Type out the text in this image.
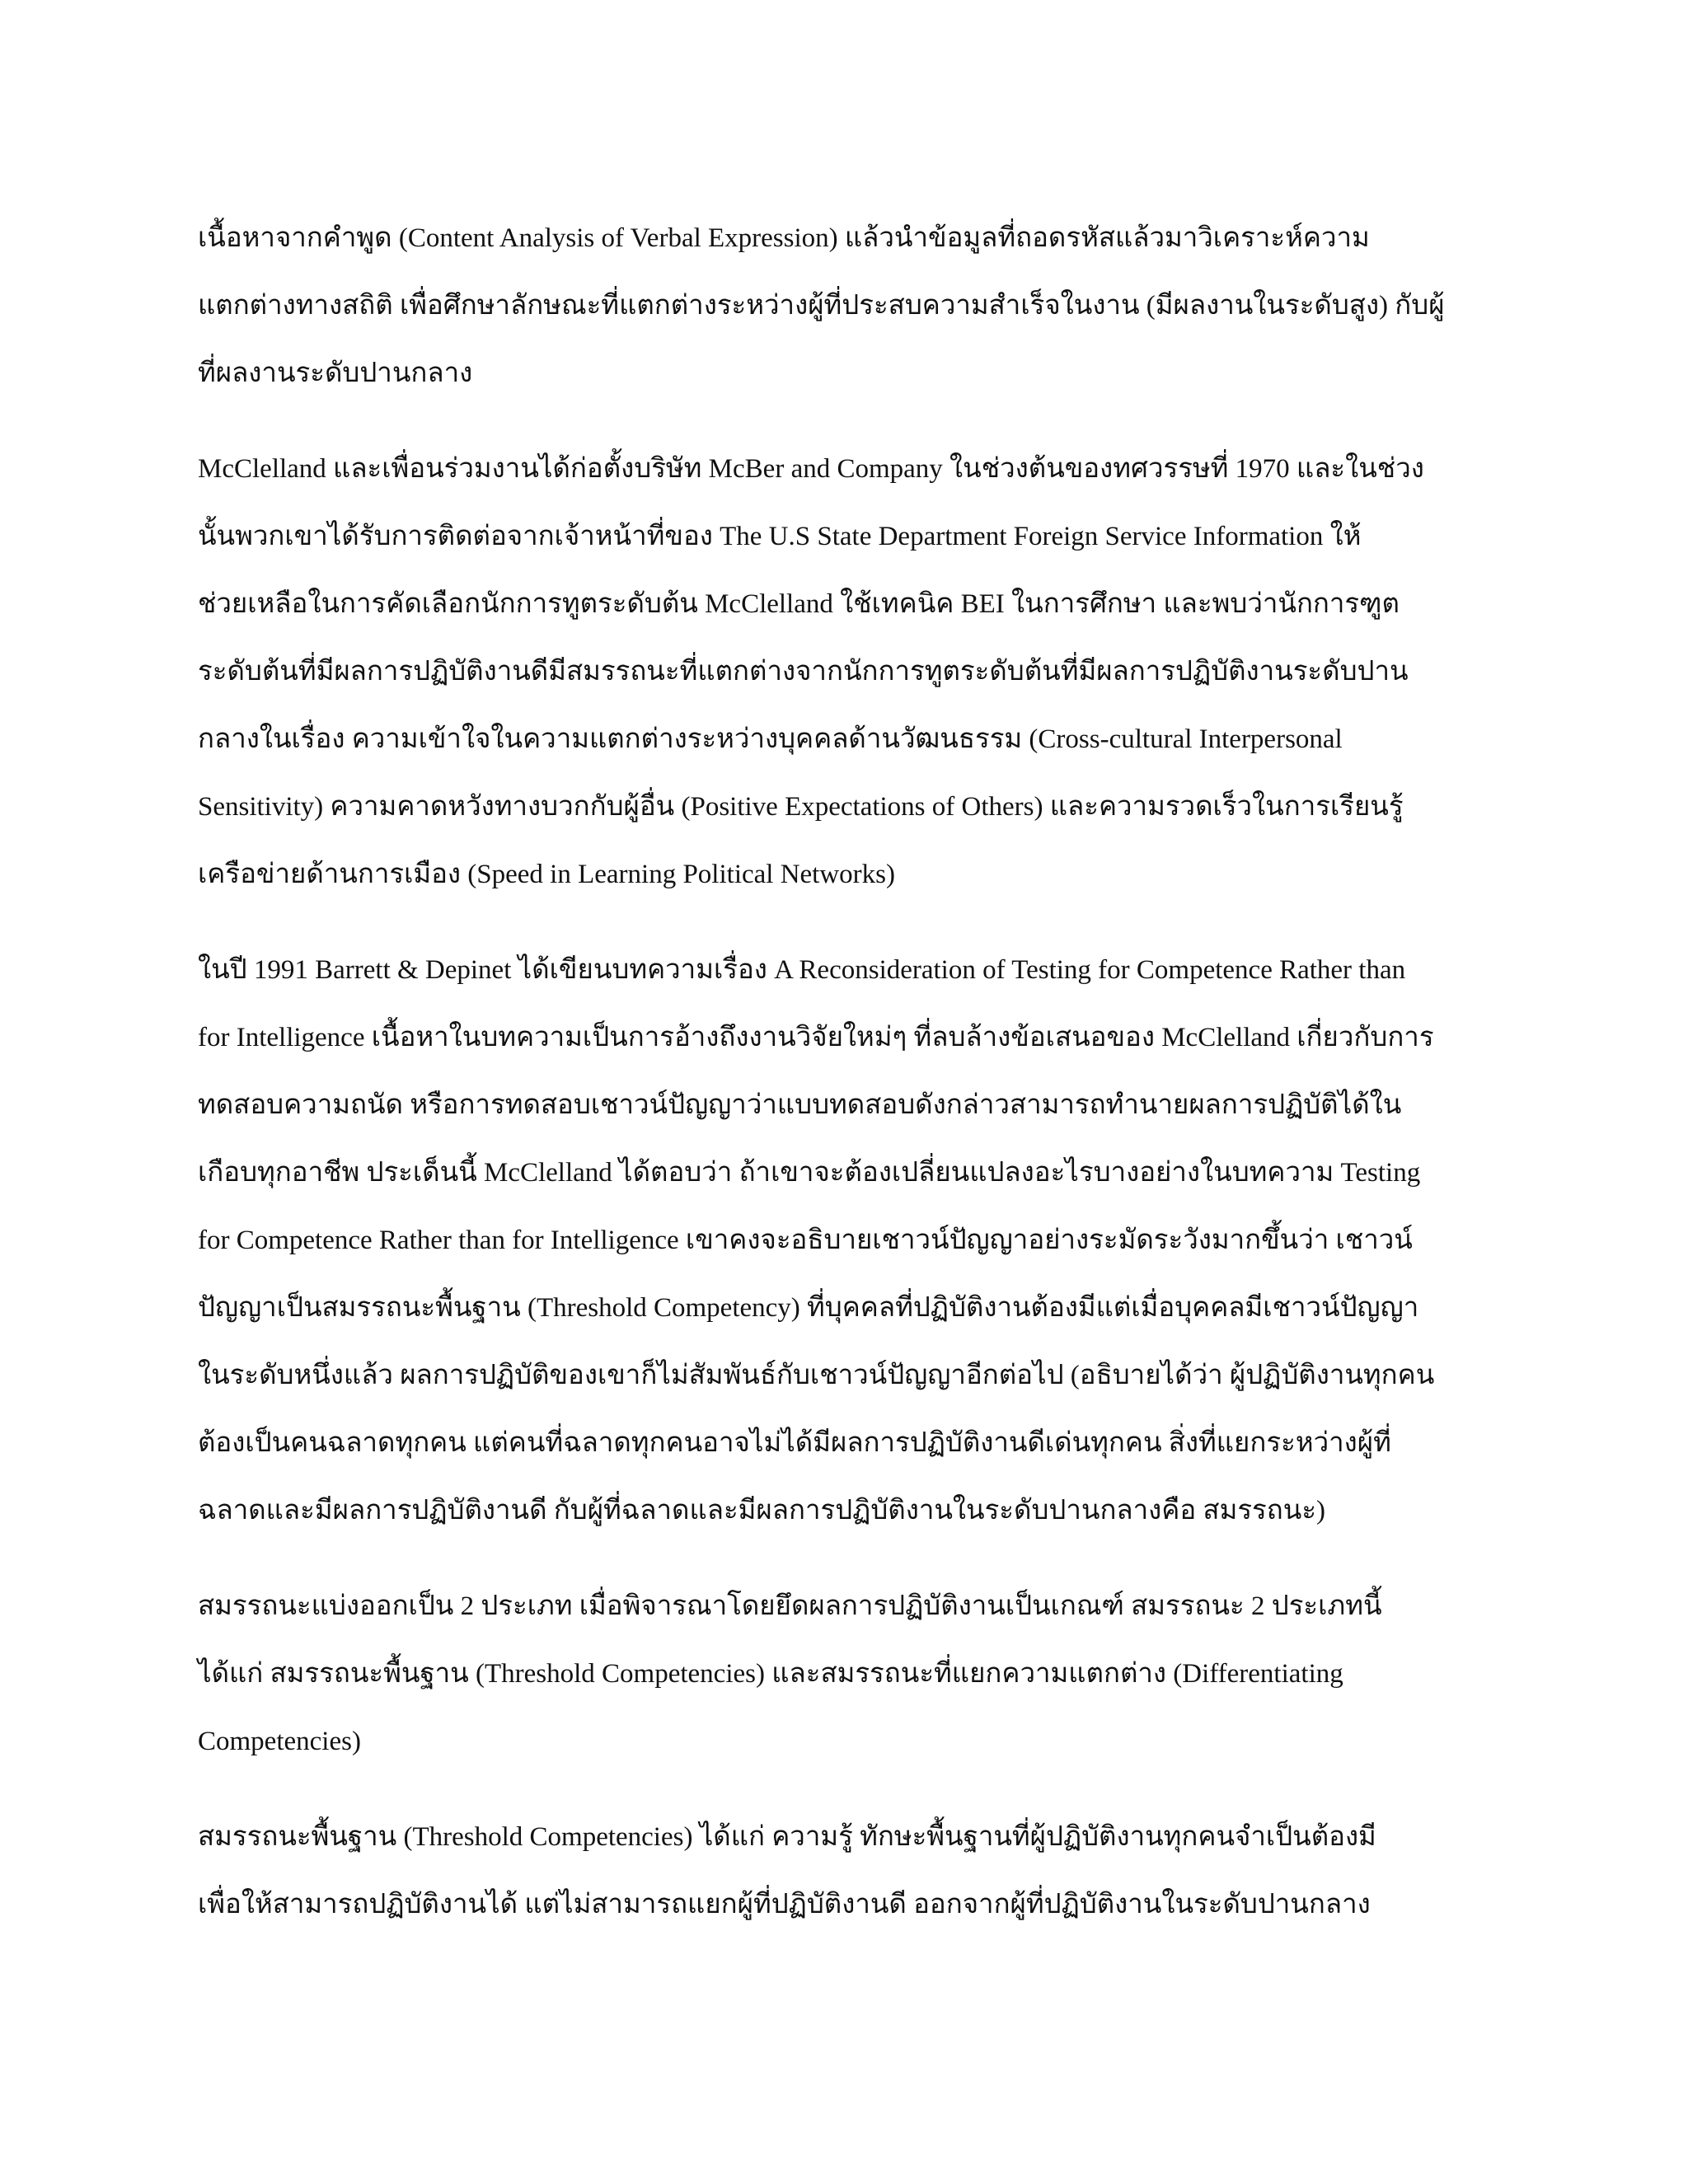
เนื้อหาจากคำพูด (Content Analysis of Verbal Expression) แล้วนำข้อมูลที่ถอดรหัสแล้วมาวิเคราะห์ความ
แตกต่างทางสถิติ เพื่อศึกษาลักษณะที่แตกต่างระหว่างผู้ที่ประสบความสำเร็จในงาน (มีผลงานในระดับสูง) กับผู้
ที่ผลงานระดับปานกลาง

McClelland และเพื่อนร่วมงานได้ก่อตั้งบริษัท McBer and Company ในช่วงต้นของทศวรรษที่ 1970 และในช่วง
นั้นพวกเขาได้รับการติดต่อจากเจ้าหน้าที่ของ The U.S State Department Foreign Service Information ให้
ช่วยเหลือในการคัดเลือกนักการทูตระดับต้น McClelland ใช้เทคนิค BEI ในการศึกษา และพบว่านักการฑูต
ระดับต้นที่มีผลการปฏิบัติงานดีมีสมรรถนะที่แตกต่างจากนักการทูตระดับต้นที่มีผลการปฏิบัติงานระดับปาน
กลางในเรื่อง ความเข้าใจในความแตกต่างระหว่างบุคคลด้านวัฒนธรรม (Cross-cultural Interpersonal
Sensitivity) ความคาดหวังทางบวกกับผู้อื่น (Positive Expectations of Others) และความรวดเร็วในการเรียนรู้
เครือข่ายด้านการเมือง (Speed in Learning Political Networks)

ในปี 1991 Barrett & Depinet ได้เขียนบทความเรื่อง A Reconsideration of Testing for Competence Rather than
for Intelligence เนื้อหาในบทความเป็นการอ้างถึงงานวิจัยใหม่ๆ ที่ลบล้างข้อเสนอของ McClelland เกี่ยวกับการ
ทดสอบความถนัด หรือการทดสอบเชาวน์ปัญญาว่าแบบทดสอบดังกล่าวสามารถทำนายผลการปฏิบัติได้ใน
เกือบทุกอาชีพ ประเด็นนี้ McClelland ได้ตอบว่า ถ้าเขาจะต้องเปลี่ยนแปลงอะไรบางอย่างในบทความ Testing
for Competence Rather than for Intelligence เขาคงจะอธิบายเชาวน์ปัญญาอย่างระมัดระวังมากขึ้นว่า เชาวน์
ปัญญาเป็นสมรรถนะพื้นฐาน (Threshold Competency) ที่บุคคลที่ปฏิบัติงานต้องมีแต่เมื่อบุคคลมีเชาวน์ปัญญา
ในระดับหนึ่งแล้ว ผลการปฏิบัติของเขาก็ไม่สัมพันธ์กับเชาวน์ปัญญาอีกต่อไป (อธิบายได้ว่า ผู้ปฏิบัติงานทุกคน
ต้องเป็นคนฉลาดทุกคน แต่คนที่ฉลาดทุกคนอาจไม่ได้มีผลการปฏิบัติงานดีเด่นทุกคน สิ่งที่แยกระหว่างผู้ที่
ฉลาดและมีผลการปฏิบัติงานดี กับผู้ที่ฉลาดและมีผลการปฏิบัติงานในระดับปานกลางคือ สมรรถนะ)

สมรรถนะแบ่งออกเป็น 2 ประเภท เมื่อพิจารณาโดยยึดผลการปฏิบัติงานเป็นเกณฑ์ สมรรถนะ 2 ประเภทนี้
ได้แก่ สมรรถนะพื้นฐาน (Threshold Competencies) และสมรรถนะที่แยกความแตกต่าง (Differentiating
Competencies)

สมรรถนะพื้นฐาน (Threshold Competencies) ได้แก่ ความรู้ ทักษะพื้นฐานที่ผู้ปฏิบัติงานทุกคนจำเป็นต้องมี
เพื่อให้สามารถปฏิบัติงานได้ แต่ไม่สามารถแยกผู้ที่ปฏิบัติงานดี ออกจากผู้ที่ปฏิบัติงานในระดับปานกลาง
